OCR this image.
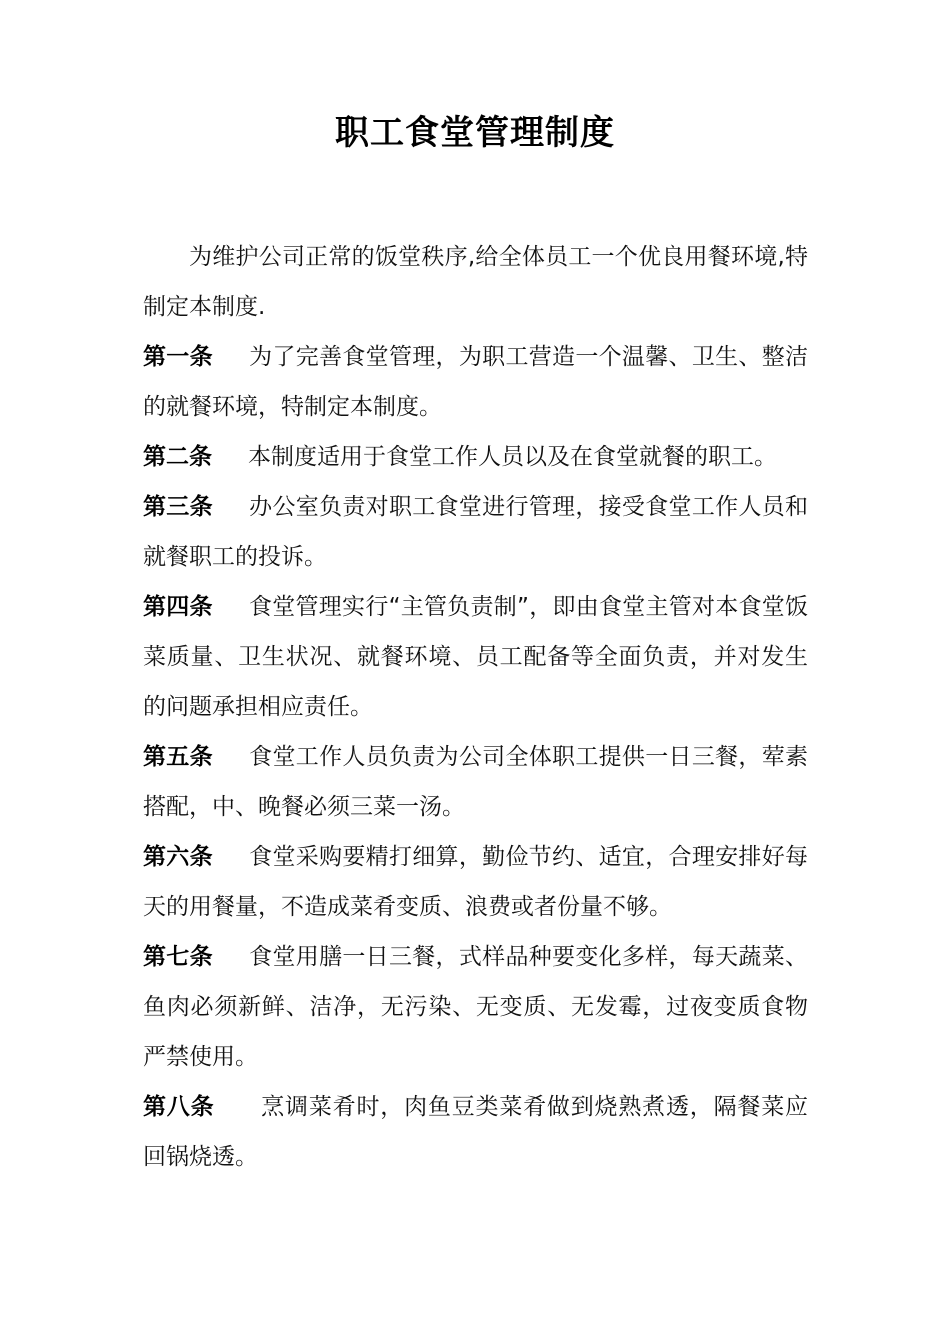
职工食堂管理制度

为维护公司正常的饭堂秩序,给全体员工一个优良用餐环境,特制定本制度.

第一条 为了完善食堂管理，为职工营造一个温馨、卫生、整洁的就餐环境，特制定本制度。

第二条 本制度适用于食堂工作人员以及在食堂就餐的职工。

第三条 办公室负责对职工食堂进行管理，接受食堂工作人员和就餐职工的投诉。

第四条 食堂管理实行“主管负责制”，即由食堂主管对本食堂饭菜质量、卫生状况、就餐环境、员工配备等全面负责，并对发生的问题承担相应责任。

第五条 食堂工作人员负责为公司全体职工提供一日三餐，荤素搭配，中、晚餐必须三菜一汤。

第六条 食堂采购要精打细算，勤俭节约、适宜，合理安排好每天的用餐量，不造成菜肴变质、浪费或者份量不够。

第七条 食堂用膳一日三餐，式样品种要变化多样，每天蔬菜、鱼肉必须新鲜、洁净，无污染、无变质、无发霉，过夜变质食物严禁使用。

第八条 烹调菜肴时，肉鱼豆类菜肴做到烧熟煮透，隔餐菜应回锅烧透。
